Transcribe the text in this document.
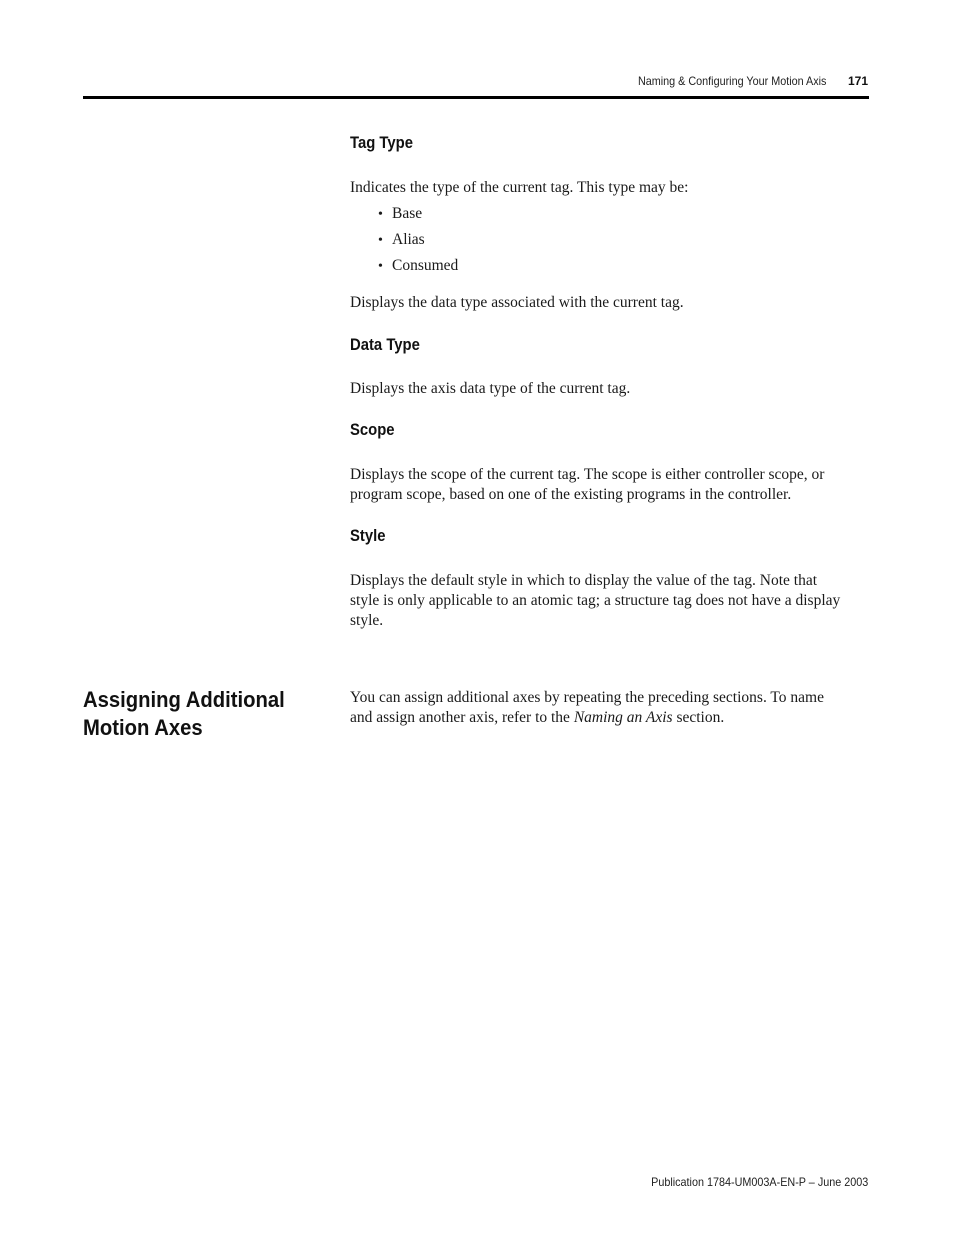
Naming & Configuring Your Motion Axis 171
Tag Type

Indicates the type of the current tag. This type may be:

• Base
• Alias
• Consumed

Displays the data type associated with the current tag.

Data Type

Displays the axis data type of the current tag.

Scope

Displays the scope of the current tag. The scope is either controller scope, or

program scope, based on one of the existing programs in the controller.

Style

Displays the default style in which to display the value of the tag. Note that

style is only applicable to an atomic tag; a structure tag does not have a display

style.

You can assign additional axes by repeating the preceding sections. To name

and assign another axis, refer to the Naming an Axis section.

Assigning Additional
Motion Axes
Publication 1784-UM003A-EN-P – June 2003
